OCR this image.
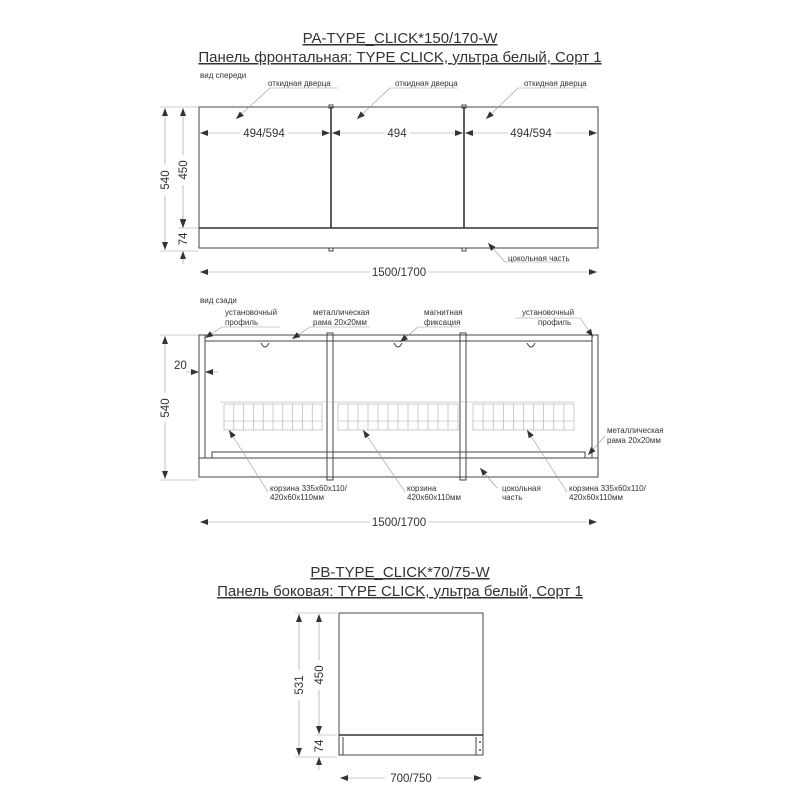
PA-TYPE_CLICK*150/170-W
Панель фронтальная: TYPE CLICK, ультра белый, Сорт 1
вид спереди
откидная дверца	откидная дверца	откидная дверца
494/594	494	494/594
540
450
74
цокольная часть
1500/1700
вид сзади
установочный
профиль
металлическая
рама 20x20мм
магнитная
фиксация
установочный
профиль
металлическая
рама 20x20мм
корзина 335x60x110/
420x60x110мм
корзина
420x60x110мм
цокольная
часть
корзина 335x60x110/
420x60x110мм
540
20
1500/1700
PB-TYPE_CLICK*70/75-W
Панель боковая: TYPE CLICK, ультра белый, Сорт 1
531
450
74
700/750
